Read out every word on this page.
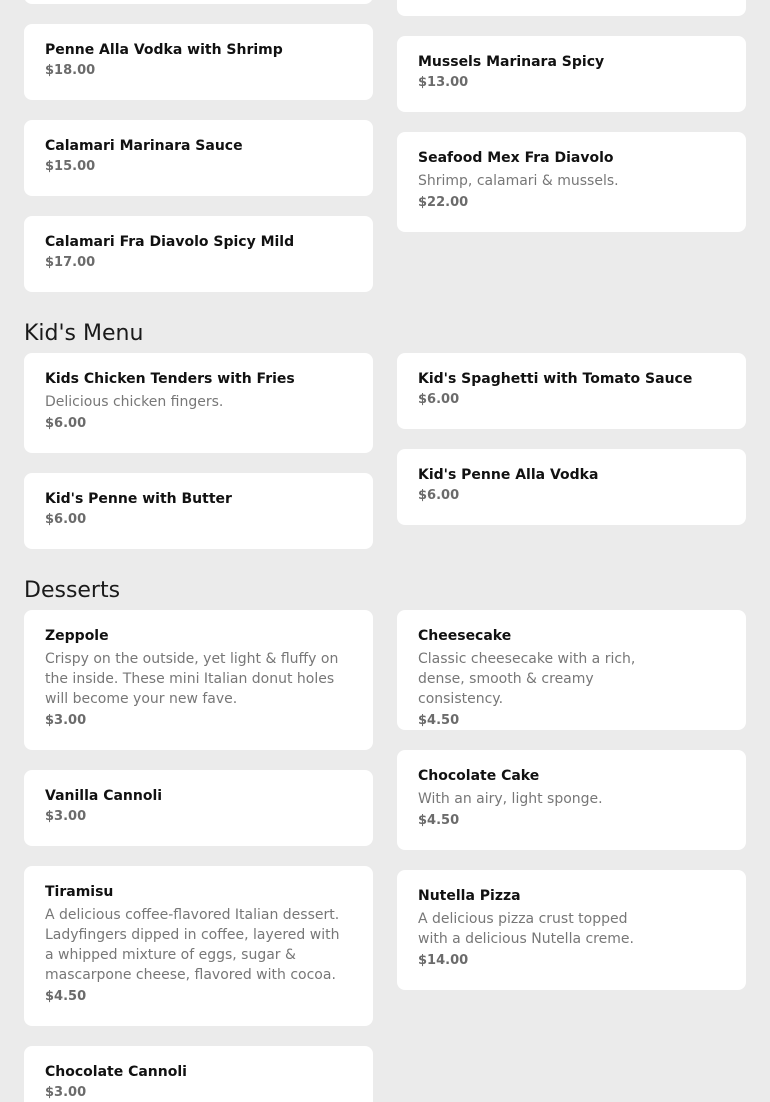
Penne Alla Vodka with Shrimp
$18.00
Mussels Marinara Spicy
$13.00
Calamari Marinara Sauce
$15.00
Seafood Mex Fra Diavolo
Shrimp, calamari & mussels.
$22.00
Calamari Fra Diavolo Spicy Mild
$17.00
Kid's Menu
Kids Chicken Tenders with Fries
Delicious chicken fingers.
$6.00
Kid's Spaghetti with Tomato Sauce
$6.00
Kid's Penne with Butter
$6.00
Kid's Penne Alla Vodka
$6.00
Desserts
Zeppole
Crispy on the outside, yet light & fluffy on the inside. These mini Italian donut holes will become your new fave.
$3.00
Cheesecake
Classic cheesecake with a rich, dense, smooth & creamy consistency.
$4.50
Vanilla Cannoli
$3.00
Chocolate Cake
With an airy, light sponge.
$4.50
Tiramisu
A delicious coffee-flavored Italian dessert. Ladyfingers dipped in coffee, layered with a whipped mixture of eggs, sugar & mascarpone cheese, flavored with cocoa.
$4.50
Nutella Pizza
A delicious pizza crust topped with a delicious Nutella creme.
$14.00
Chocolate Cannoli
$3.00
